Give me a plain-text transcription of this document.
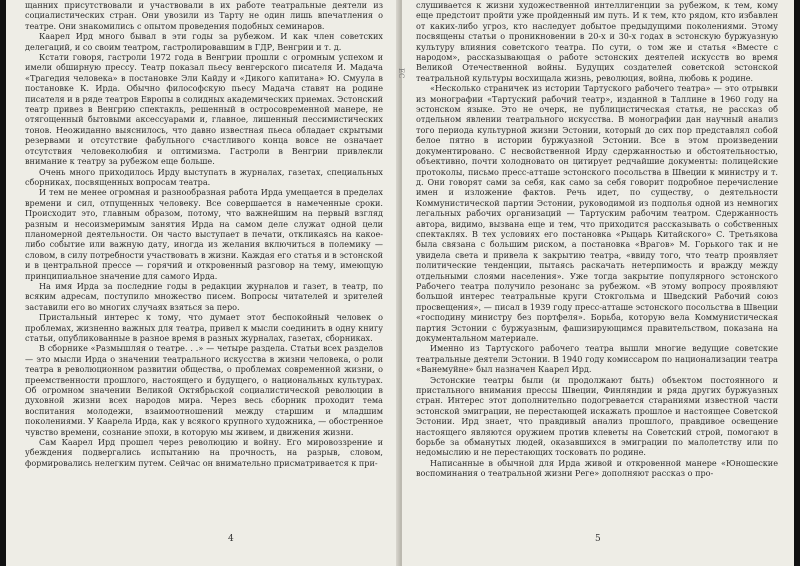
щанних присутствовали и участвовали в их работе театральные деятели из социалистических стран. Они увозили из Тарту не один лишь впечатления о театре. Они знакомились с опытом проведения подобных семинаров.

Каарел Ирд много бывал в эти годы за рубежом. И как член советских делегаций, и со своим театром, гастролировавшим в ГДР, Венгрии и т. д.

Кстати говоря, гастроли 1972 года в Венгрии прошли с огромным успехом и имели обширную прессу. Театр показал пьесу венгерского писателя И. Мадача «Трагедия человека» в постановке Эли Кайду и «Дикого капитана» Ю. Смуула в постановке К. Ирда. Обычно философскую пьесу Мадача ставят на родине писателя и в ряде театров Европы в солидных академических приемах. Эстонский театр привез в Венгрию спектакль, решенный в остросовременной манере, не отягощенный бытовыми аксессуарами и, главное, лишенный пессимистических тонов. Неожиданно выяснилось, что давно известная пьеса обладает скрытыми резервами и отсутствие фабульного счастливого конца вовсе не означает отсутствия человеколюбия и оптимизма. Гастроли в Венгрии привлекли внимание к театру за рубежом еще больше.

Очень много приходилось Ирду выступать в журналах, газетах, специальных сборниках, посвященных вопросам театра.

И тем не менее огромная и разнообразная работа Ирда умещается в пределах времени и сил, отпущенных человеку. Все совершается в намеченные сроки. Происходит это, главным образом, потому, что важнейшим на первый взгляд разным и несоизмеримым занятия Ирда на самом деле служат одной цели планомерной деятельности. Он часто выступает в печати, откликаясь на какое-либо событие или важную дату, иногда из желания включиться в полемику — словом, в силу потребности участвовать в жизни. Каждая его статья и в эстонской и в центральной прессе — горячий и откровенный разговор на тему, имеющую принципиальное значение для самого Ирда.

На имя Ирда за последние годы в редакции журналов и газет, в театр, по всяким адресам, поступило множество писем. Вопросы читателей и зрителей заставили его во многих случаях взяться за перо.

Пристальный интерес к тому, что думает этот беспокойный человек о проблемах, жизненно важных для театра, привел к мысли соединить в одну книгу статьи, опубликованные в разное время в разных журналах, газетах, сборниках.

В сборнике «Размышляя о театре. . .» — четыре раздела. Статьи всех разделов — это мысли Ирда о значении театрального искусства в жизни человека, о роли театра в революционном развитии общества, о проблемах современной жизни, о преемственности прошлого, настоящего и будущего, о национальных культурах. Об огромном значении Великой Октябрьской социалистической революции в духовной жизни всех народов мира. Через весь сборник проходит тема воспитания молодежи, взаимоотношений между старшим и младшим поколениями. У Каарела Ирда, как у всякого крупного художника, — обостренное чувство времени, сознание эпохи, в которую мы живем, и движения жизни.

Сам Каарел Ирд прошел через революцию и войну. Его мировоззрение и убеждения подвергались испытанию на прочность, на разрыв, словом, формировались нелегким путем. Сейчас он внимательно присматривается к при-

4
ЕС

слушивается к жизни художественной интеллигенции за рубежом, к тем, кому еще предстоит пройти уже пройденный им путь. И к тем, кто рядом, кто избавлен от каких-либо угроз, кто наследует добытое предыдущими поколениями. Этому посвящены статьи о проникновении в 20-х и 30-х годах в эстонскую буржуазную культуру влияния советского театра. По сути, о том же и статья «Вместе с народом», рассказывающая о работе эстонских деятелей искусств во время Великой Отечественной войны. Будущих создателей советской эстонской театральной культуры восхищала жизнь, революция, война, любовь к родине.

«Несколько страничек из истории Тартуского рабочего театра» — это отрывки из монографии «Тартуский рабочий театр», изданной в Таллине в 1960 году на эстонском языке. Это не очерк, не публицистическая статья, не рассказ об отдельном явлении театрального искусства. В монографии дан научный анализ того периода культурной жизни Эстонии, который до сих пор представлял собой белое пятно в истории буржуазной Эстонии. Все в этом произведении документировано. С несвойственной Ирду сдержанностью и обстоятельностью, объективно, почти холодновато он цитирует редчайшие документы: полицейские протоколы, письмо пресс-атташе эстонского посольства в Швеции к министру и т. д. Они говорят сами за себя, как само за себя говорит подробное перечисление имен и изложение фактов. Речь идет, по существу, о деятельности Коммунистической партии Эстонии, руководимой из подполья одной из немногих легальных рабочих организаций — Тартуским рабочим театром. Сдержанность автора, видимо, вызвана еще и тем, что приходится рассказывать о собственных спектаклях. В тех условиях его постановка «Рыцарь Китайского» С. Третьякова была связана с большим риском, а постановка «Врагов» М. Горького так и не увидела света и привела к закрытию театра, «ввиду того, что театр проявляет политические тенденции, пытаясь раскачать нетерпимость и вражду между отдельными слоями населения». Уже тогда закрытие популярного эстонского Рабочего театра получило резонанс за рубежом. «В этому вопросу проявляют большой интерес театральные круги Стокгольма и Шведский Рабочий союз просвещения», — писал в 1939 году пресс-атташе эстонского посольства в Швеции «господину министру без портфеля». Борьба, которую вела Коммунистическая партия Эстонии с буржуазным, фашизирующимся правительством, показана на документальном материале.

Именно из Тартуского рабочего театра вышли многие ведущие советские театральные деятели Эстонии. В 1940 году комиссаром по национализации театра «Ванемуйне» был назначен Каарел Ирд.

Эстонские театры были (и продолжают быть) объектом постоянного и пристального внимания прессы Швеции, Финляндии и ряда других буржуазных стран. Интерес этот дополнительно подогревается стараниями известной части эстонской эмиграции, не перестающей искажать прошлое и настоящее Советской Эстонии. Ирд знает, что правдивый анализ прошлого, правдивое освещение настоящего являются оружием против клеветы на Советский строй, помогают в борьбе за обманутых людей, оказавшихся в эмиграции по малолетству или по недомыслию и не перестающих тосковать по родине.

Написанные в обычной для Ирда живой и откровенной манере «Юношеские воспоминания о театральной жизни Реге» дополняют рассказ о про-

5
